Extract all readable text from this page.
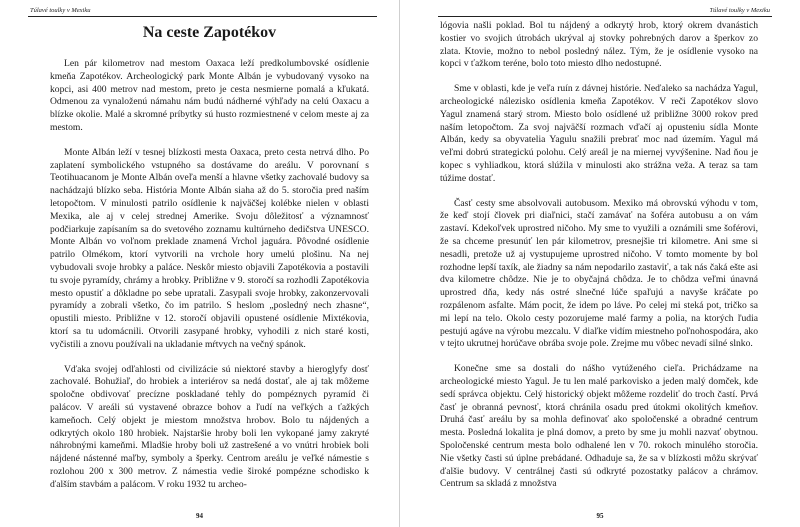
Túlavé toulky v Mexiku
Na ceste Zapotékov

Len pár kilometrov nad mestom Oaxaca leží predkolumbovské osídlenie kmeňa Zapotékov. Archeologický park Monte Albán je vybudovaný vysoko na kopci, asi 400 metrov nad mestom, preto je cesta nesmierne pomalá a kľukatá. Odmenou za vynaloženú námahu nám budú nádherné výhľady na celú Oaxacu a blízke okolie. Malé a skromné príbytky sú husto rozmiestnené v celom meste aj za mestom.

Monte Albán leží v tesnej blízkosti mesta Oaxaca, preto cesta netrvá dlho. Po zaplatení symbolického vstupného sa dostávame do areálu. V porovnaní s Teotihuacanom je Monte Albán oveľa menší a hlavne všetky zachovalé budovy sa nachádzajú blízko seba. História Monte Albán siaha až do 5. storočia pred naším letopočtom. V minulosti patrilo osídlenie k najväčšej kolébke nielen v oblasti Mexika, ale aj v celej strednej Amerike. Svoju dôležitosť a významnosť podčiarkuje zapísaním sa do svetového zoznamu kultúrneho dedičstva UNESCO. Monte Albán vo voľnom preklade znamená Vrchol jaguára. Pôvodné osídlenie patrilo Olmékom, ktorí vytvorili na vrchole hory umelú plošinu. Na nej vybudovali svoje hrobky a paláce. Neskôr miesto objavili Zapotékovia a postavili tu svoje pyramídy, chrámy a hrobky. Približne v 9. storočí sa rozhodli Zapotékovia mesto opustiť a dôkladne po sebe upratali. Zasypali svoje hrobky, zakonzervovali pyramídy a zobrali všetko, čo im patrilo. S heslom „posledný nech zhasne“, opustili miesto. Približne v 12. storočí objavili opustené osídlenie Mixtékovia, ktorí sa tu udomácnili. Otvorili zasypané hrobky, vyhodili z nich staré kosti, vyčistili a znovu používali na ukladanie mŕtvych na večný spánok.

Vďaka svojej odľahlosti od civilizácie sú niektoré stavby a hieroglyfy dosť zachovalé. Bohužiaľ, do hrobiek a interiérov sa nedá dostať, ale aj tak môžeme spoločne obdivovať precízne poskladané tehly do pompéznych pyramíd či palácov. V areáli sú vystavené obrazce bohov a ľudí na veľkých a ťažkých kameňoch. Celý objekt je miestom množstva hrobov. Bolo tu nájdených a odkrytých okolo 180 hrobiek. Najstaršie hroby boli len vykopané jamy zakryté náhrobnými kameňmi. Mladšie hroby boli už zastrešené a vo vnútri hrobiek boli nájdené nástenné maľby, symboly a šperky. Centrom areálu je veľké námestie s rozlohou 200 x 300 metrov. Z námestia vedie široké pompézne schodisko k ďalším stavbám a palácom. V roku 1932 tu archeo-

94
Túlavé toulky v Mexiku

lógovia našli poklad. Bol tu nájdený a odkrytý hrob, ktorý okrem dvanástich kostier vo svojich útrobách ukrýval aj stovky pohrebných darov a šperkov zo zlata. Ktovie, možno to nebol posledný nález. Tým, že je osídlenie vysoko na kopci v ťažkom teréne, bolo toto miesto dlho nedostupné.

Sme v oblasti, kde je veľa ruín z dávnej histórie. Neďaleko sa nachádza Yagul, archeologické nálezisko osídlenia kmeňa Zapotékov. V reči Zapotékov slovo Yagul znamená starý strom. Miesto bolo osídlené už približne 3000 rokov pred naším letopočtom. Za svoj najväčší rozmach vďačí aj opusteniu sídla Monte Albán, kedy sa obyvatelia Yagulu snažili prebrať moc nad územím. Yagul má veľmi dobrú strategickú polohu. Celý areál je na miernej vyvýšenine. Nad ňou je kopec s vyhliadkou, ktorá slúžila v minulosti ako strážna veža. A teraz sa tam túžime dostať.

Časť cesty sme absolvovali autobusom. Mexiko má obrovskú výhodu v tom, že keď stojí človek pri diaľnici, stačí zamávať na šoféra autobusu a on vám zastaví. Kdekoľvek uprostred ničoho. My sme to využili a oznámili sme šoférovi, že sa chceme presunúť len pár kilometrov, presnejšie tri kilometre. Ani sme si nesadli, pretože už aj vystupujeme uprostred ničoho. V tomto momente by bol rozhodne lepší taxík, ale žiadny sa nám nepodarilo zastaviť, a tak nás čaká ešte asi dva kilometre chôdze. Nie je to obyčajná chôdza. Je to chôdza veľmi únavná uprostred dňa, kedy nás ostré slnečné lúče spaľujú a navyše kráčate po rozpálenom asfalte. Mám pocit, že idem po láve. Po celej mi steká pot, tričko sa mi lepí na telo. Okolo cesty pozorujeme malé farmy a polia, na ktorých ľudia pestujú agáve na výrobu mezcalu. V diaľke vidím miestneho poľnohospodára, ako v tejto ukrutnej horúčave obrába svoje pole. Zrejme mu vôbec nevadí silné slnko.

Konečne sme sa dostali do nášho vytúženého cieľa. Prichádzame na archeologické miesto Yagul. Je tu len malé parkovisko a jeden malý domček, kde sedí správca objektu. Celý historický objekt môžeme rozdeliť do troch častí. Prvá časť je obranná pevnosť, ktorá chránila osadu pred útokmi okolitých kmeňov. Druhá časť areálu by sa mohla definovať ako spoločenské a obradné centrum mesta. Posledná lokalita je plná domov, a preto by sme ju mohli nazvať obytnou. Spoločenské centrum mesta bolo odhalené len v 70. rokoch minulého storočia. Nie všetky časti sú úplne prebádané. Odhaduje sa, že sa v blízkosti môžu skrývať ďalšie budovy. V centrálnej časti sú odkryté pozostatky palácov a chrámov. Centrum sa skladá z množstva

95
